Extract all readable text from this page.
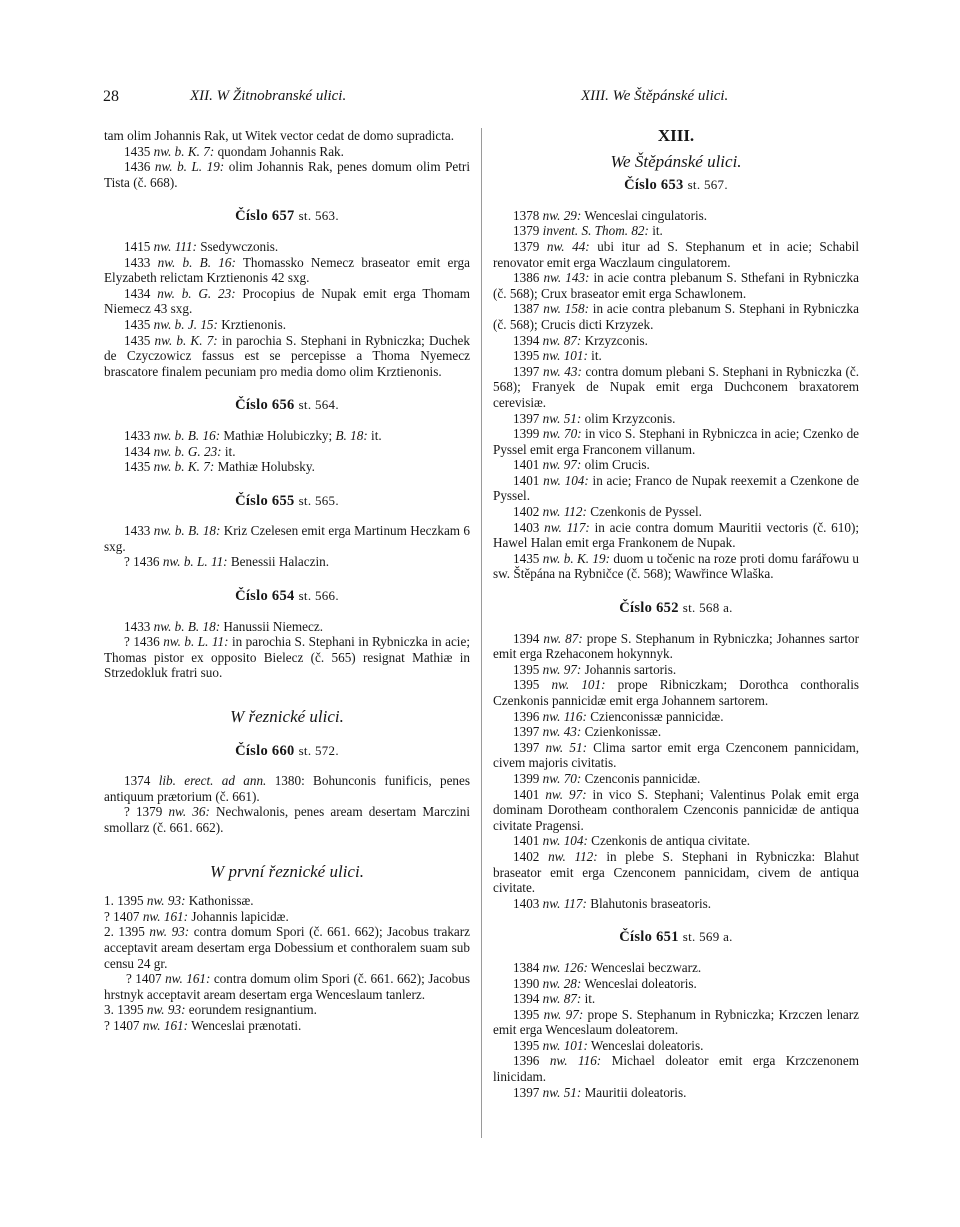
28	XII. W Žitnobranské ulici.	XIII. We Štěpánské ulici.

tam olim Johannis Rak, ut Witek vector cedat de domo supradicta.

1435 nw. b. K. 7: quondam Johannis Rak.

1436 nw. b. L. 19: olim Johannis Rak, penes domum olim Petri Tista (č. 668).

Číslo 657 st. 563.

1415 nw. 111: Ssedywczonis.

1433 nw. b. B. 16: Thomassko Nemecz braseator emit erga Elyzabeth relictam Krztienonis 42 sxg.

1434 nw. b. G. 23: Procopius de Nupak emit erga Thomam Niemecz 43 sxg.

1435 nw. b. J. 15: Krztienonis.

1435 nw. b. K. 7: in parochia S. Stephani in Rybniczka; Duchek de Czyczowicz fassus est se percepisse a Thoma Nyemecz brascatore finalem pecuniam pro media domo olim Krztienonis.

Číslo 656 st. 564.

1433 nw. b. B. 16: Mathiæ Holubiczky; B. 18: it.

1434 nw. b. G. 23: it.

1435 nw. b. K. 7: Mathiæ Holubsky.

Číslo 655 st. 565.

1433 nw. b. B. 18: Kriz Czelesen emit erga Martinum Heczkam 6 sxg.

? 1436 nw. b. L. 11: Benessii Halaczin.

Číslo 654 st. 566.

1433 nw. b. B. 18: Hanussii Niemecz.

? 1436 nw. b. L. 11: in parochia S. Stephani in Rybniczka in acie; Thomas pistor ex opposito Bielecz (č. 565) resignat Mathiæ in Strzedokluk fratri suo.

W řeznické ulici.
Číslo 660 st. 572.

1374 lib. erect. ad ann. 1380: Bohunconis funificis, penes antiquum prætorium (č. 661).

? 1379 nw. 36: Nechwalonis, penes aream desertam Marczini smollarz (č. 661. 662).

W první řeznické ulici.

1. 1395 nw. 93: Kathonissæ.

? 1407 nw. 161: Johannis lapicidæ.

2. 1395 nw. 93: contra domum Spori (č. 661. 662); Jacobus trakarz acceptavit aream desertam erga Dobessium et conthoralem suam sub censu 24 gr.

? 1407 nw. 161: contra domum olim Spori (č. 661. 662); Jacobus hrstnyk acceptavit aream desertam erga Wenceslaum tanlerz.

3. 1395 nw. 93: eorundem resignantium.

? 1407 nw. 161: Wenceslai prænotati.

XIII.
We Štěpánské ulici.
Číslo 653 st. 567.

1378 nw. 29: Wenceslai cingulatoris.

1379 invent. S. Thom. 82: it.

1379 nw. 44: ubi itur ad S. Stephanum et in acie; Schabil renovator emit erga Waczlaum cingulatorem.

1386 nw. 143: in acie contra plebanum S. Sthefani in Rybniczka (č. 568); Crux braseator emit erga Schawlonem.

1387 nw. 158: in acie contra plebanum S. Stephani in Rybniczka (č. 568); Crucis dicti Krzyzek.

1394 nw. 87: Krzyzconis.

1395 nw. 101: it.

1397 nw. 43: contra domum plebani S. Stephani in Rybniczka (č. 568); Franyek de Nupak emit erga Duchconem braxatorem cerevisiæ.

1397 nw. 51: olim Krzyzconis.

1399 nw. 70: in vico S. Stephani in Rybniczca in acie; Czenko de Pyssel emit erga Franconem villanum.

1401 nw. 97: olim Crucis.

1401 nw. 104: in acie; Franco de Nupak reexemit a Czenkone de Pyssel.

1402 nw. 112: Czenkonis de Pyssel.

1403 nw. 117: in acie contra domum Mauritii vectoris (č. 610); Hawel Halan emit erga Frankonem de Nupak.

1435 nw. b. K. 19: duom u točenic na roze proti domu farářowu u sw. Štěpána na Rybničce (č. 568); Wawřince Wlaška.

Číslo 652 st. 568 a.

1394 nw. 87: prope S. Stephanum in Rybniczka; Johannes sartor emit erga Rzehaconem hokynnyk.

1395 nw. 97: Johannis sartoris.

1395 nw. 101: prope Ribniczkam; Dorothca conthoralis Czenkonis pannicidæ emit erga Johannem sartorem.

1396 nw. 116: Czienconissæ pannicidæ.

1397 nw. 43: Czienkonissæ.

1397 nw. 51: Clima sartor emit erga Czenconem pannicidam, civem majoris civitatis.

1399 nw. 70: Czenconis pannicidæ.

1401 nw. 97: in vico S. Stephani; Valentinus Polak emit erga dominam Dorotheam conthoralem Czenconis pannicidæ de antiqua civitate Pragensi.

1401 nw. 104: Czenkonis de antiqua civitate.

1402 nw. 112: in plebe S. Stephani in Rybniczka: Blahut braseator emit erga Czenconem pannicidam, civem de antiqua civitate.

1403 nw. 117: Blahutonis braseatoris.

Číslo 651 st. 569 a.

1384 nw. 126: Wenceslai beczwarz.

1390 nw. 28: Wenceslai doleatoris.

1394 nw. 87: it.

1395 nw. 97: prope S. Stephanum in Rybniczka; Krzczen lenarz emit erga Wenceslaum doleatorem.

1395 nw. 101: Wenceslai doleatoris.

1396 nw. 116: Michael doleator emit erga Krzczenonem linicidam.

1397 nw. 51: Mauritii doleatoris.
